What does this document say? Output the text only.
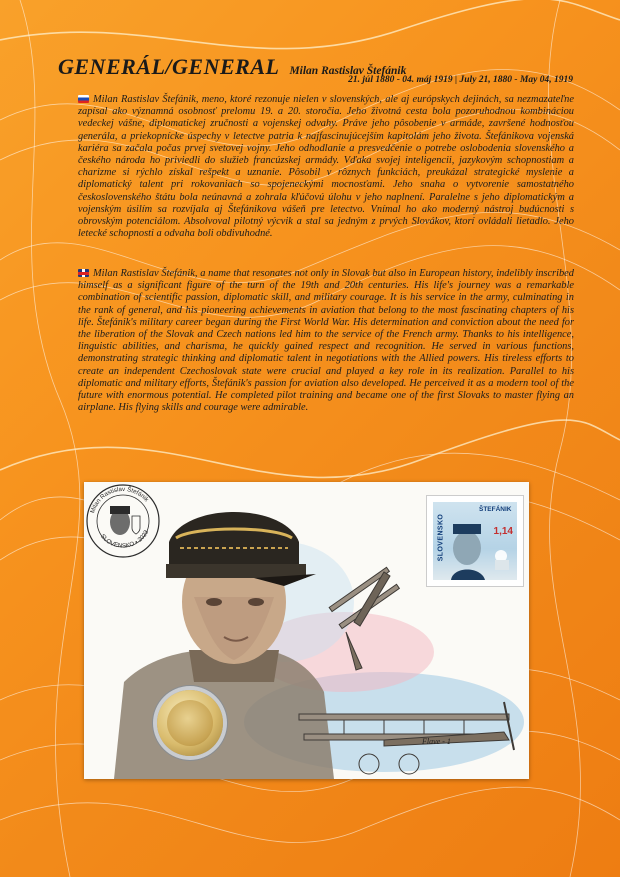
GENERÁL/GENERAL Milan Rastislav Štefánik
21. júl 1880 - 04. máj 1919 | July 21, 1880 - May 04, 1919
Milan Rastislav Štefánik, meno, ktoré rezonuje nielen v slovenských, ale aj európskych dejinách, sa nezmazateľne zapísal ako významná osobnosť prelomu 19. a 20. storočia. Jeho životná cesta bola pozoruhodnou kombináciou vedeckej vášne, diplomatickej zručnosti a vojenskej odvahy. Práve jeho pôsobenie v armáde, završené hodnosťou generála, a priekopnícke úspechy v letectve patria k najfascinujúcejším kapitolám jeho života. Štefánikova vojenská kariéra sa začala počas prvej svetovej vojny. Jeho odhodlanie a presvedčenie o potrebe oslobodenia slovenského a českého národa ho priviedli do služieb francúzskej armády. Vďaka svojej inteligencii, jazykovým schopnostiam a charizme si rýchlo získal rešpekt a uznanie. Pôsobil v rôznych funkciách, preukázal strategické myslenie a diplomatický talent pri rokovaniach so spojeneckými mocnosťami. Jeho snaha o vytvorenie samostatného československého štátu bola neúnavná a zohrala kľúčovú úlohu v jeho naplnení. Paralelne s jeho diplomatickým a vojenským úsilím sa rozvíjala aj Štefánikova vášeň pre letectvo. Vnímal ho ako moderný nástroj budúcnosti s obrovským potenciálom. Absolvoval pilotný výcvik a stal sa jedným z prvých Slovákov, ktorí ovládali lietadlo. Jeho letecké schopnosti a odvaha boli obdivuhodné.
Milan Rastislav Štefánik, a name that resonates not only in Slovak but also in European history, indelibly inscribed himself as a significant figure of the turn of the 19th and 20th centuries. His life's journey was a remarkable combination of scientific passion, diplomatic skill, and military courage. It is his service in the army, culminating in the rank of general, and his pioneering achievements in aviation that belong to the most fascinating chapters of his life. Štefánik's military career began during the First World War. His determination and conviction about the need for the liberation of the Slovak and Czech nations led him to the service of the French army. Thanks to his intelligence, linguistic abilities, and charisma, he quickly gained respect and recognition. He served in various functions, demonstrating strategic thinking and diplomatic talent in negotiations with the Allied powers. His tireless efforts to create an independent Czechoslovak state were crucial and played a key role in its realization. Parallel to his diplomatic and military efforts, Štefánik's passion for aviation also developed. He perceived it as a modern tool of the future with enormous potential. He completed pilot training and became one of the first Slovaks to master flying an airplane. His flying skills and courage were admirable.
Flave - 1
SLOVENSKO
ŠTEFÁNIK
1,14
Milan Rastislav Štefánik
SLOVENSKO • 2023
